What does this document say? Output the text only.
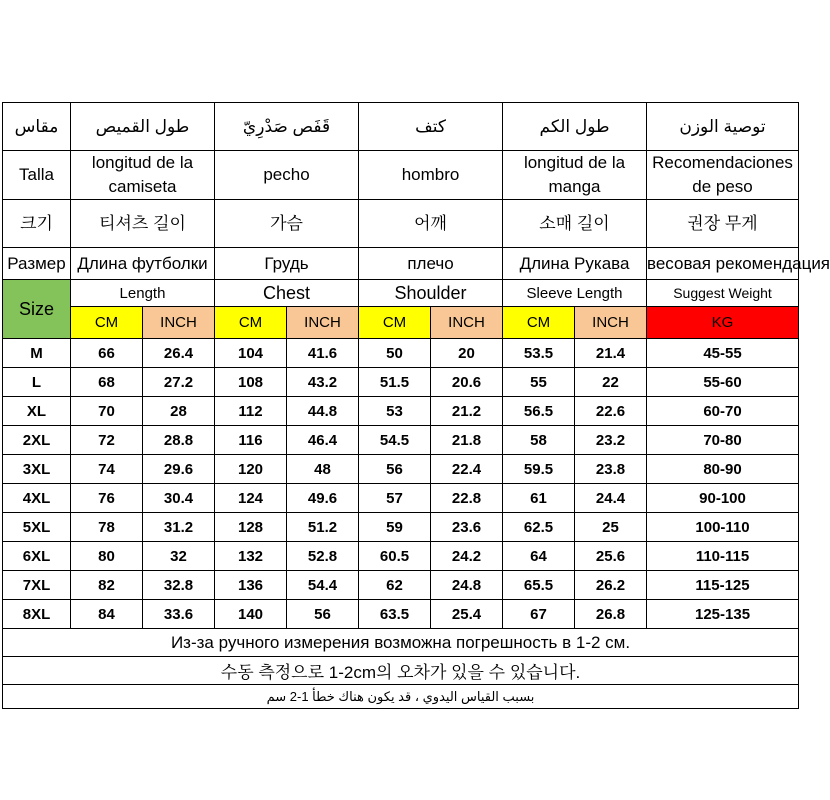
مقاس	طول القميص		قَفَص صَدْرِيّ		كتف		طول الكم		توصية الوزن
Talla	longitud de la camiseta		pecho		hombro		longitud de la manga		Recomendaciones de peso
크기	티셔츠 길이		가슴		어깨		소매 길이		권장 무게
Размер	Длина футболки		Грудь		плечо		Длина Рукава		весовая рекомендация
Size	Length		Chest		Shoulder		Sleeve Length		Suggest Weight
	CM	INCH	CM	INCH	CM	INCH	CM	INCH	KG
M	66	26.4	104	41.6	50	20	53.5	21.4	45-55
L	68	27.2	108	43.2	51.5	20.6	55	22	55-60
XL	70	28	112	44.8	53	21.2	56.5	22.6	60-70
2XL	72	28.8	116	46.4	54.5	21.8	58	23.2	70-80
3XL	74	29.6	120	48	56	22.4	59.5	23.8	80-90
4XL	76	30.4	124	49.6	57	22.8	61	24.4	90-100
5XL	78	31.2	128	51.2	59	23.6	62.5	25	100-110
6XL	80	32	132	52.8	60.5	24.2	64	25.6	110-115
7XL	82	32.8	136	54.4	62	24.8	65.5	26.2	115-125
8XL	84	33.6	140	56	63.5	25.4	67	26.8	125-135
Из-за ручного измерения возможна погрешность в 1-2 см.									
수동 측정으로 1-2cm의 오차가 있을 수 있습니다.									
بسبب القياس اليدوي ، قد يكون هناك خطأ 1-2 سم									
